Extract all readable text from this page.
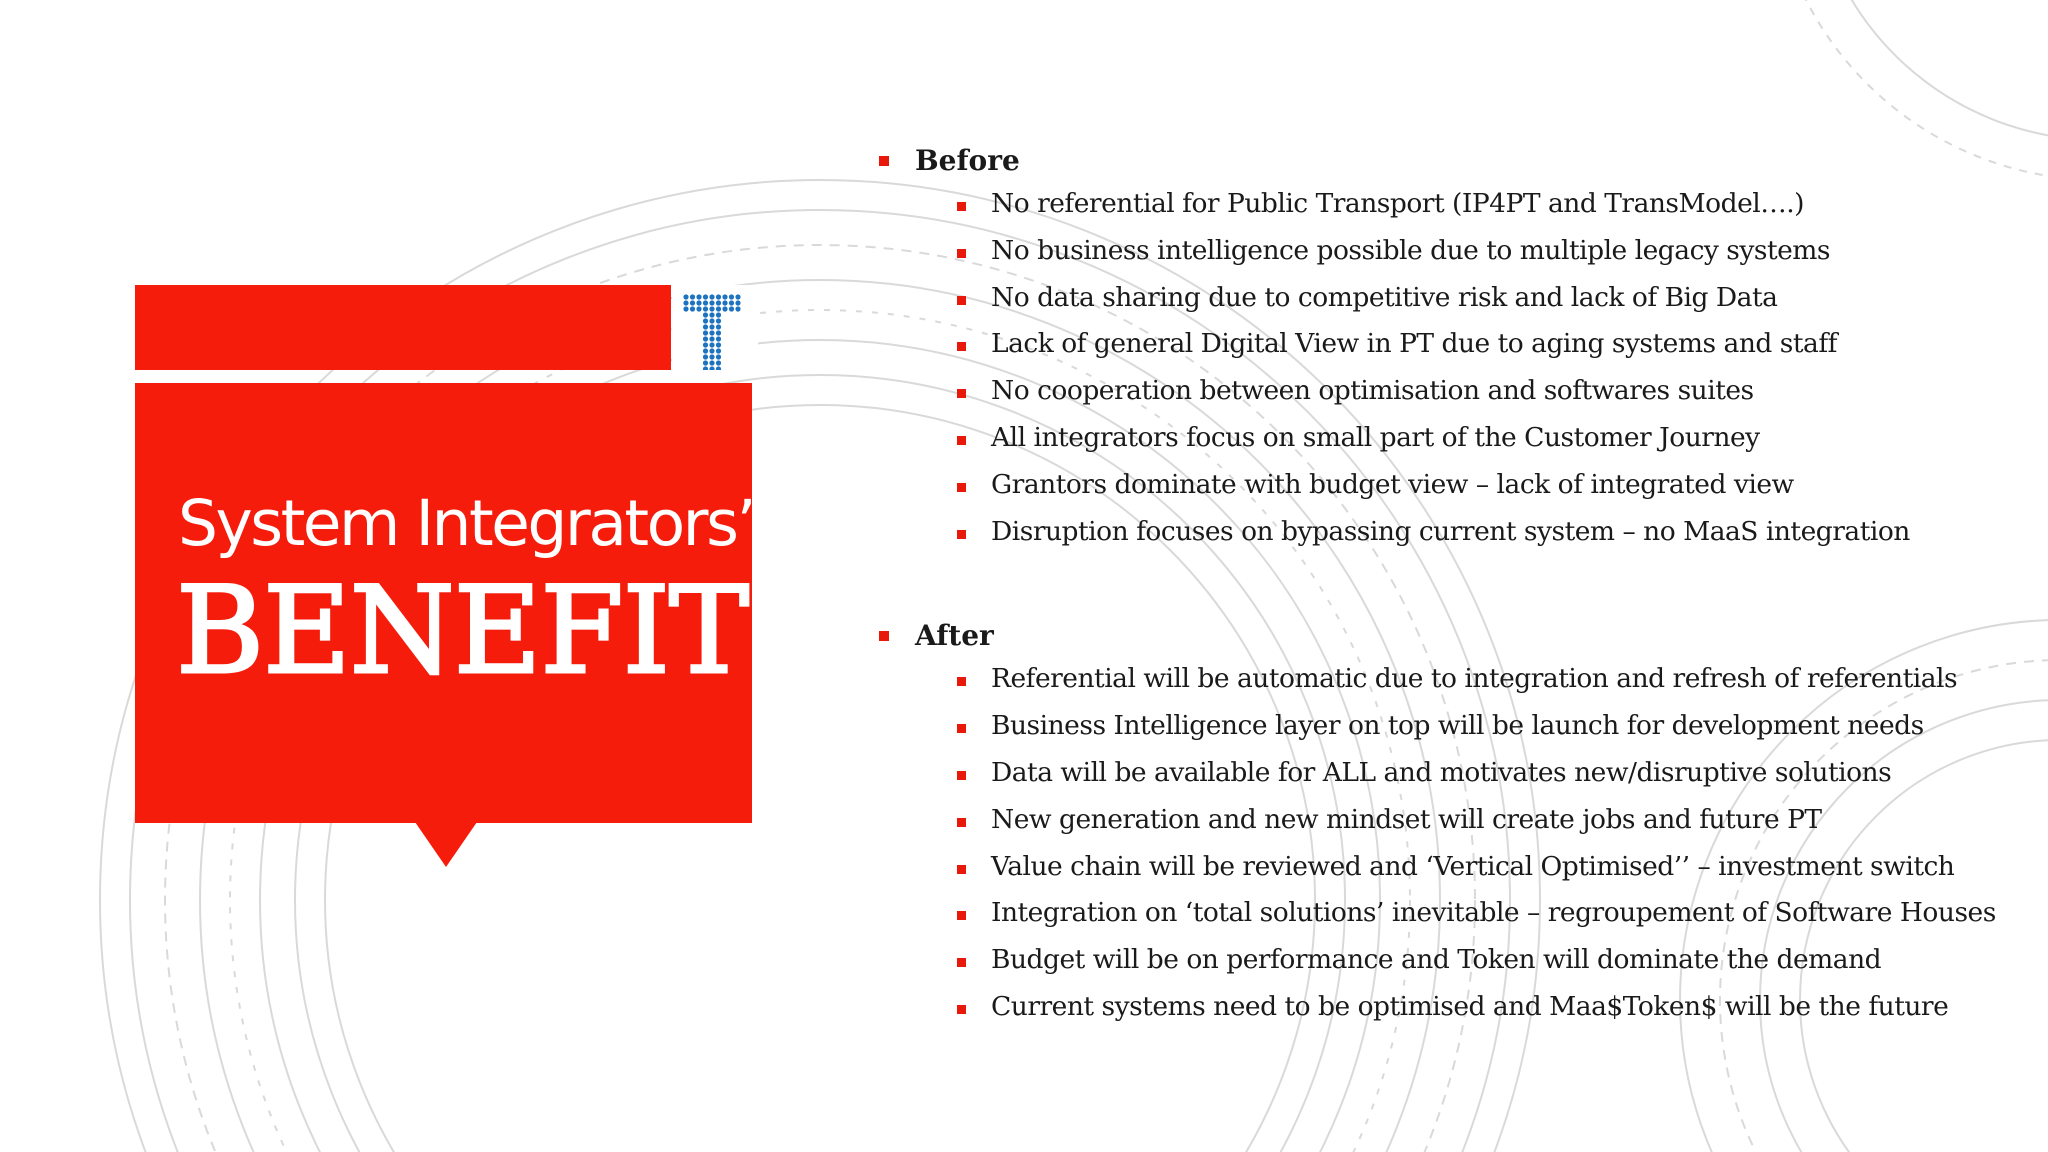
System Integrators’
BENEFIT
Before
No referential for Public Transport (IP4PT and TransModel….)
No business intelligence possible due to multiple legacy systems
No data sharing due to competitive risk and lack of Big Data
Lack of general Digital View in PT due to aging systems and staff
No cooperation between optimisation and softwares suites
All integrators focus on small part of the Customer Journey
Grantors dominate with budget view – lack of integrated view
Disruption focuses on bypassing current system – no MaaS integration
After
Referential will be automatic due to integration and refresh of referentials
Business Intelligence layer on top will be launch for development needs
Data will be available for ALL and motivates new/disruptive solutions
New generation and new mindset will create jobs and future PT
Value chain will be reviewed and ‘Vertical Optimised’’ – investment switch
Integration on ‘total solutions’ inevitable – regroupement of Software Houses
Budget will be on performance and Token will dominate the demand
Current systems need to be optimised and Maa$Token$ will be the future
